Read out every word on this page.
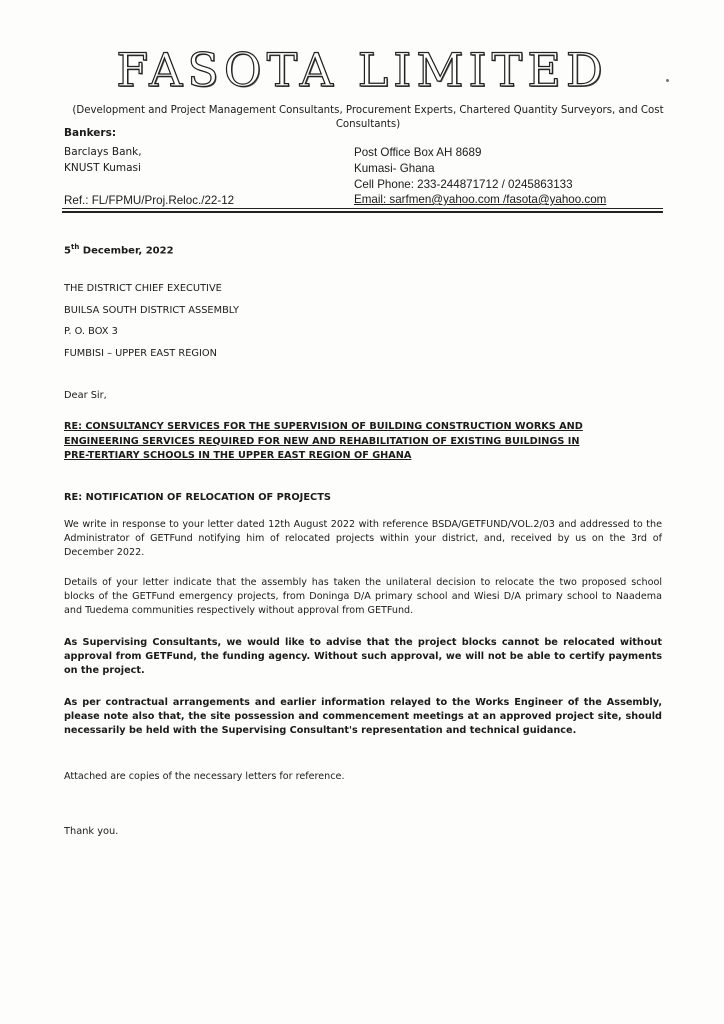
FASOTA LIMITED
(Development and Project Management Consultants, Procurement Experts, Chartered Quantity Surveyors, and Cost Consultants)
Bankers:
Barclays Bank,
KNUST Kumasi
Post Office Box AH 8689
Kumasi- Ghana
Cell Phone: 233-244871712 / 0245863133
Email: sarfmen@yahoo.com /fasota@yahoo.com
Ref.: FL/FPMU/Proj.Reloc./22-12
5th December, 2022
THE DISTRICT CHIEF EXECUTIVE
BUILSA SOUTH DISTRICT ASSEMBLY
P. O. BOX 3
FUMBISI – UPPER EAST REGION
Dear Sir,
RE: CONSULTANCY SERVICES FOR THE SUPERVISION OF BUILDING CONSTRUCTION WORKS AND
ENGINEERING SERVICES REQUIRED FOR NEW AND REHABILITATION OF EXISTING BUILDINGS IN
PRE-TERTIARY SCHOOLS IN THE UPPER EAST REGION OF GHANA
RE: NOTIFICATION OF RELOCATION OF PROJECTS
We write in response to your letter dated 12th August 2022 with reference BSDA/GETFUND/VOL.2/03 and addressed to the Administrator of GETFund notifying him of relocated projects within your district, and, received by us on the 3rd of December 2022.
Details of your letter indicate that the assembly has taken the unilateral decision to relocate the two proposed school blocks of the GETFund emergency projects, from Doninga D/A primary school and Wiesi D/A primary school to Naadema and Tuedema communities respectively without approval from GETFund.
As Supervising Consultants, we would like to advise that the project blocks cannot be relocated without approval from GETFund, the funding agency. Without such approval, we will not be able to certify payments on the project.
As per contractual arrangements and earlier information relayed to the Works Engineer of the Assembly, please note also that, the site possession and commencement meetings at an approved project site, should necessarily be held with the Supervising Consultant's representation and technical guidance.
Attached are copies of the necessary letters for reference.
Thank you.
